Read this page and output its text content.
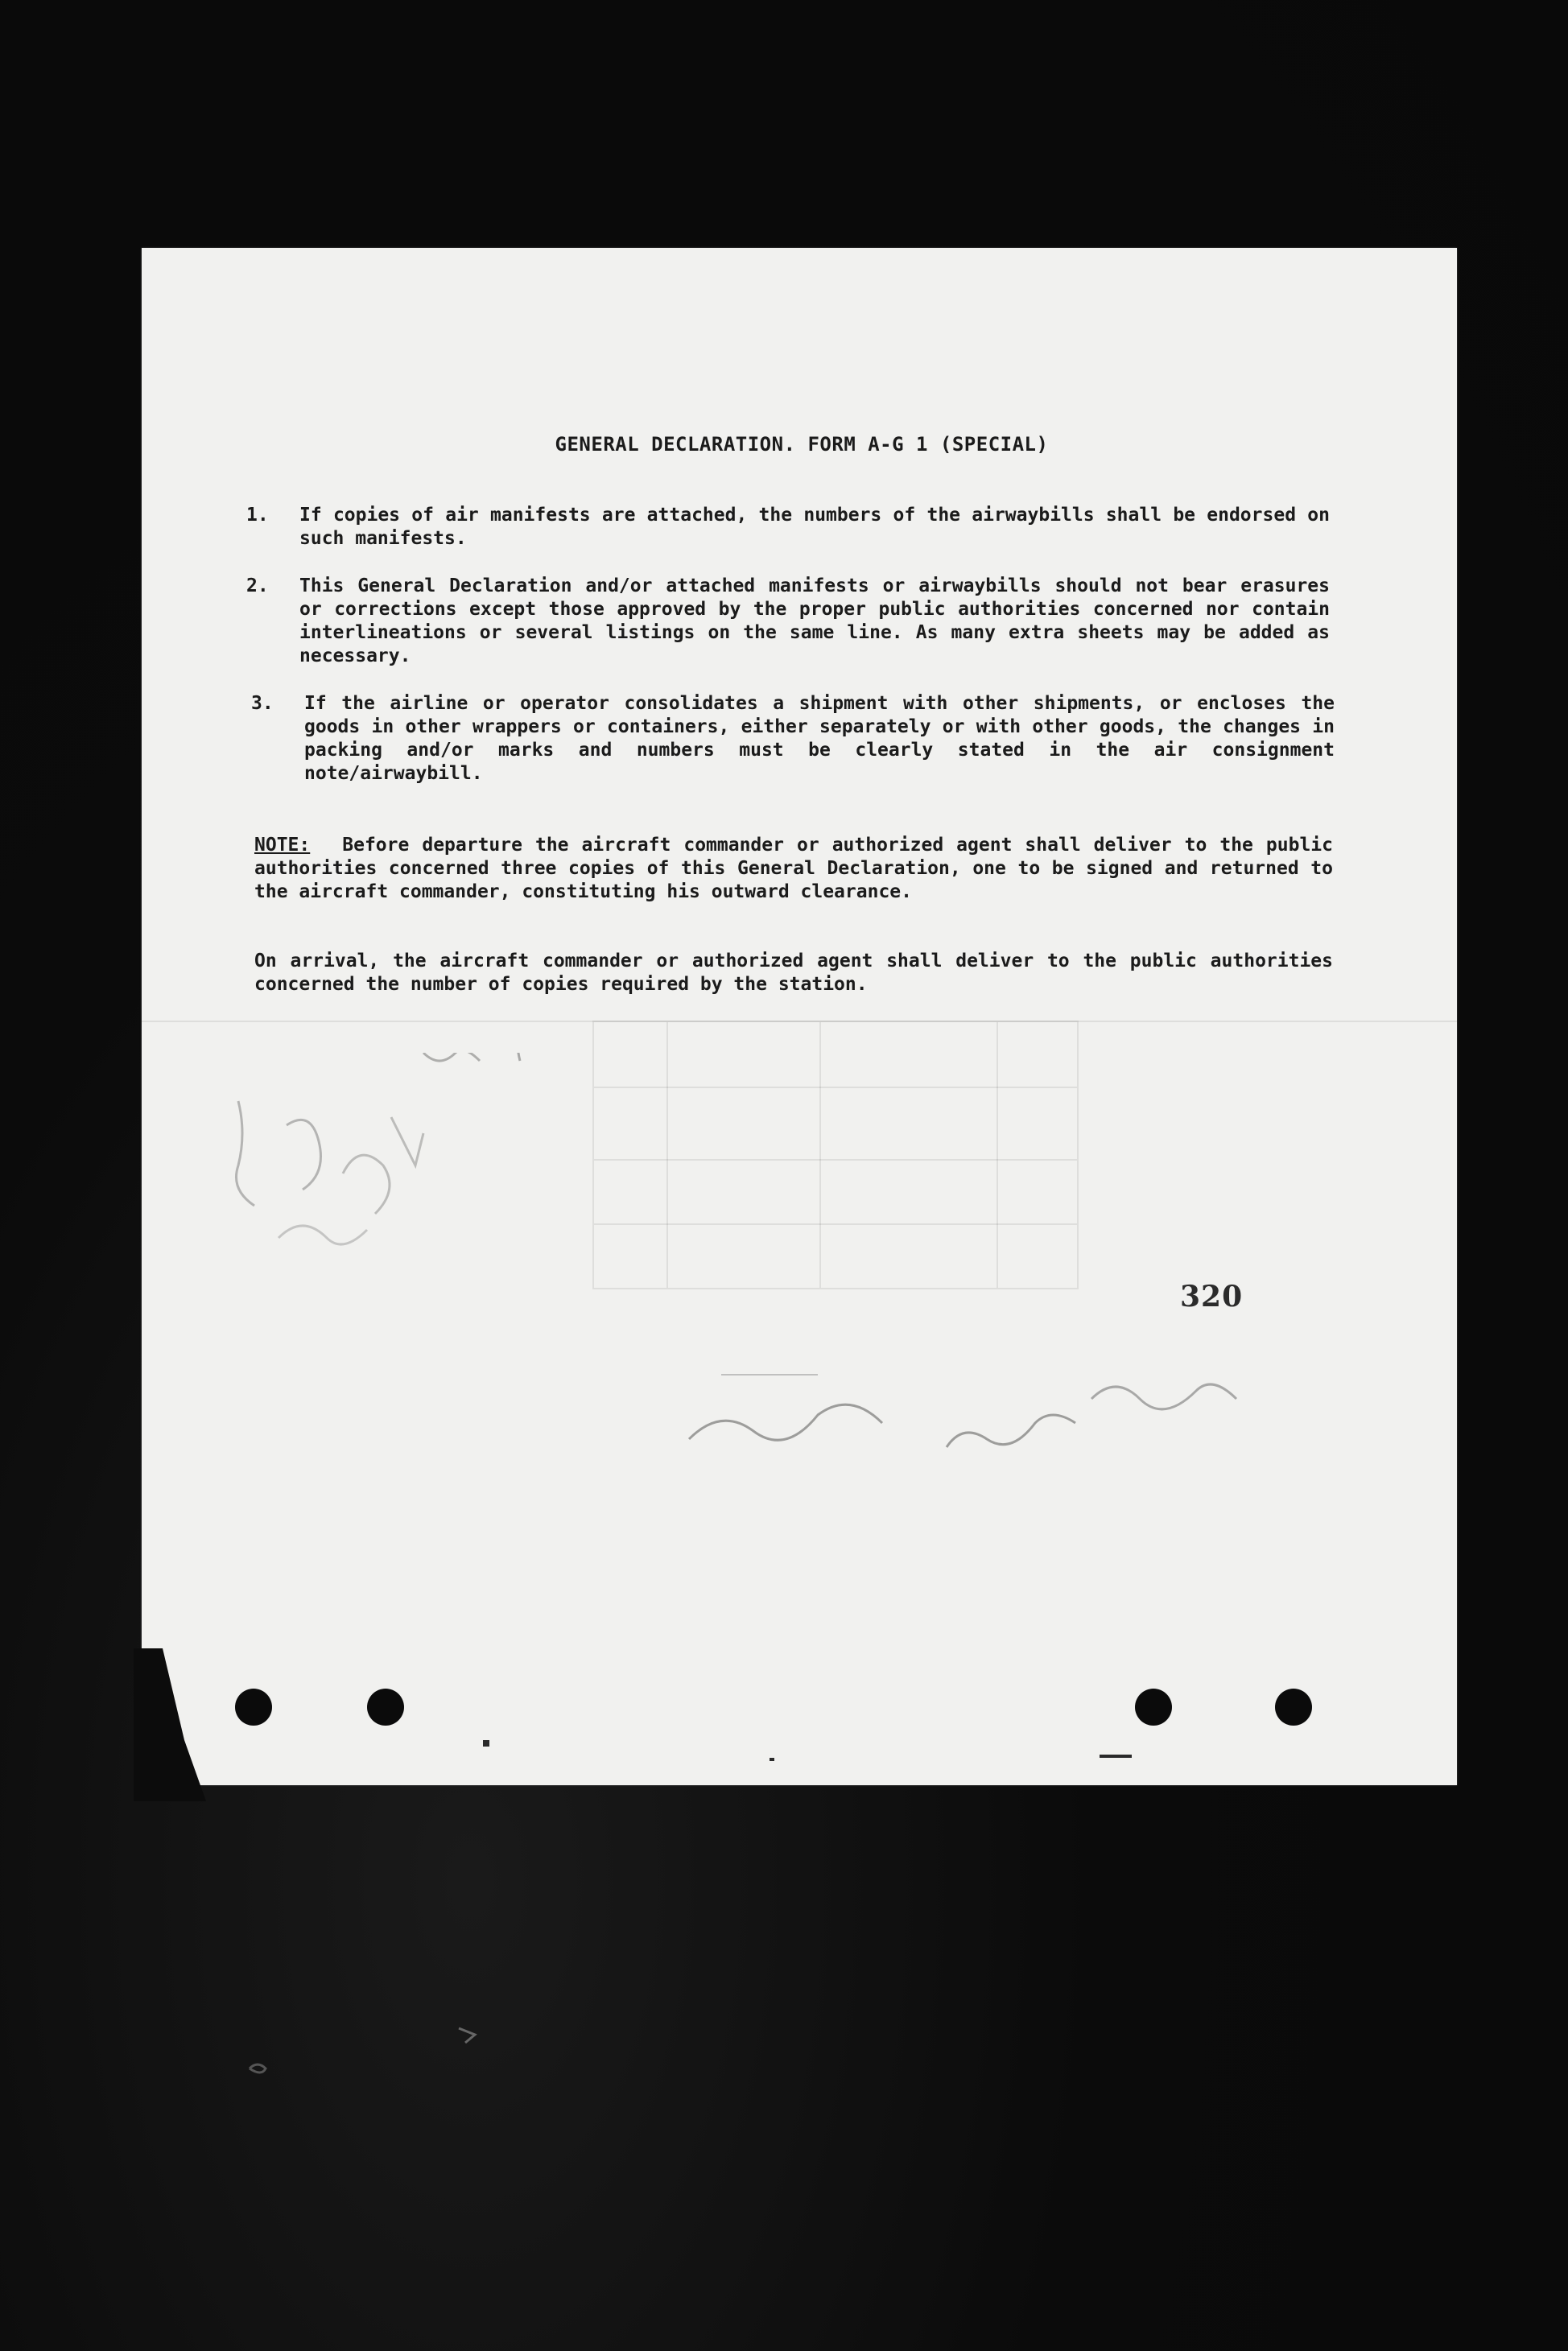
GENERAL DECLARATION. FORM A-G 1 (SPECIAL)
1.	If copies of air manifests are attached, the numbers of the airwaybills shall be endorsed on such manifests.
2.	This General Declaration and/or attached manifests or airwaybills should not bear erasures or corrections except those approved by the proper public authorities concerned nor contain interlineations or several listings on the same line. As many extra sheets may be added as necessary.
3.	If the airline or operator consolidates a shipment with other shipments, or encloses the goods in other wrappers or containers, either separately or with other goods, the changes in packing and/or marks and numbers must be clearly stated in the air consignment note/airwaybill.
NOTE: Before departure the aircraft commander or authorized agent shall deliver to the public authorities concerned three copies of this General Declaration, one to be signed and returned to the aircraft commander, constituting his outward clearance.
On arrival, the aircraft commander or authorized agent shall deliver to the public authorities concerned the number of copies required by the station.
320
